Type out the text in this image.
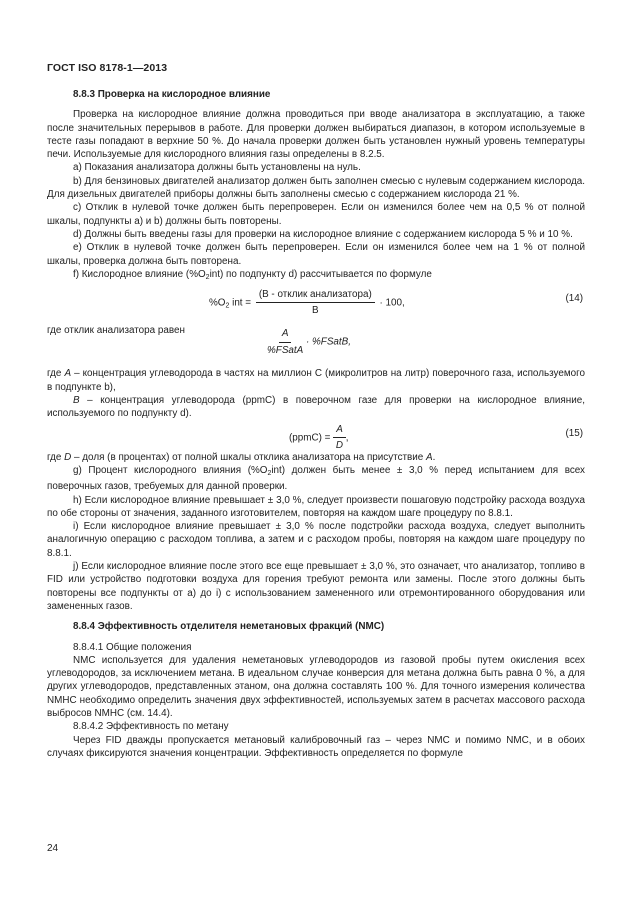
ГОСТ ISO 8178-1—2013
8.8.3 Проверка на кислородное влияние

Проверка на кислородное влияние должна проводиться при вводе анализатора в эксплуатацию, а также после значительных перерывов в работе. Для проверки должен выбираться диапазон, в котором используемые в тесте газы попадают в верхние 50 %. До начала проверки должен быть установлен нужный уровень температуры печи. Используемые для кислородного влияния газы определены в 8.2.5.

a) Показания анализатора должны быть установлены на нуль.

b) Для бензиновых двигателей анализатор должен быть заполнен смесью с нулевым содержанием кислорода. Для дизельных двигателей приборы должны быть заполнены смесью с содержанием кислорода 21 %.

c) Отклик в нулевой точке должен быть перепроверен. Если он изменился более чем на 0,5 % от полной шкалы, подпункты а) и b) должны быть повторены.

d) Должны быть введены газы для проверки на кислородное влияние с содержанием кислорода 5 % и 10 %.

e) Отклик в нулевой точке должен быть перепроверен. Если он изменился более чем на 1 % от полной шкалы, проверка должна быть повторена.

f) Кислородное влияние $(\%O_2int)$ по подпункту d) рассчитывается по формуле

$\%O_2$ int = $\frac{\text{(B - отклик анализатора)}}{B} \cdot 100$,	(14)

где отклик анализатора равен	$\frac{A}{\text{\%FSatA}}$ · %FSatB,

где A – концентрация углеводорода в частях на миллион С (микролитров на литр) поверочного газа, используемого в подпункте b),

B – концентрация углеводорода (ppmC) в поверочном газе для проверки на кислородное влияние, используемого по подпункту d).

(ppmC) = $\frac{A}{D}$ ,	(15)

где D – доля (в процентах) от полной шкалы отклика анализатора на присутствие A.

g) Процент кислородного влияния $(\%O_2int)$ должен быть менее ± 3,0 % перед испытанием для всех поверочных газов, требуемых для данной проверки.

h) Если кислородное влияние превышает ± 3,0 %, следует произвести пошаговую подстройку расхода воздуха по обе стороны от значения, заданного изготовителем, повторяя на каждом шаге процедуру по 8.8.1.

i) Если кислородное влияние превышает ± 3,0 % после подстройки расхода воздуха, следует выполнить аналогичную операцию с расходом топлива, а затем и с расходом пробы, повторяя на каждом шаге процедуру по 8.8.1.

j) Если кислородное влияние после этого все еще превышает ± 3,0 %, это означает, что анализатор, топливо в FID или устройство подготовки воздуха для горения требуют ремонта или замены. После этого должны быть повторены все подпункты от а) до i) с использованием замененного или отремонтированного оборудования или замененных газов.

8.8.4 Эффективность отделителя неметановых фракций (NMC)

8.8.4.1 Общие положения

NMC используется для удаления неметановых углеводородов из газовой пробы путем окисления всех углеводородов, за исключением метана. В идеальном случае конверсия для метана должна быть равна 0 %, а для других углеводородов, представленных этаном, она должна составлять 100 %. Для точного измерения количества NMHC необходимо определить значения двух эффективностей, используемых затем в расчетах массового расхода выбросов NMHC (см. 14.4).

8.8.4.2 Эффективность по метану

Через FID дважды пропускается метановый калибровочный газ – через NMC и помимо NMC, и в обоих случаях фиксируются значения концентрации. Эффективность определяется по формуле

24
